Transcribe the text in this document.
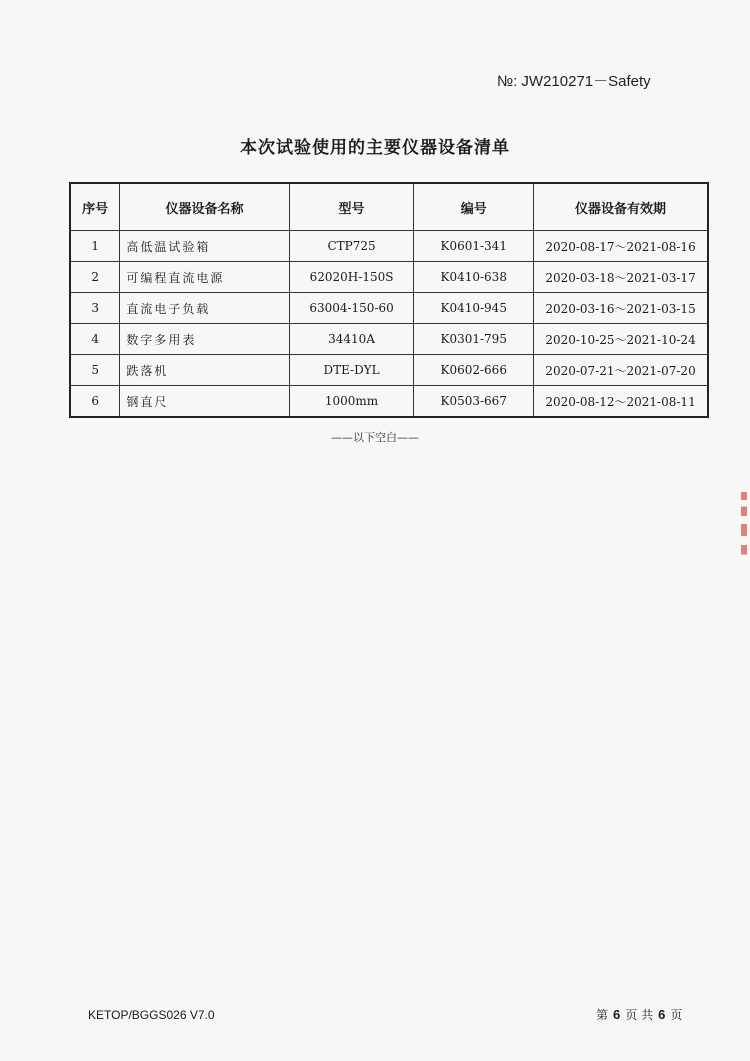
№: JW210271－Safety
本次试验使用的主要仪器设备清单
序号	仪器设备名称	型号	编号	仪器设备有效期
1	高低温试验箱	CTP725	K0601-341	2020-08-17～2021-08-16
2	可编程直流电源	62020H-150S	K0410-638	2020-03-18～2021-03-17
3	直流电子负载	63004-150-60	K0410-945	2020-03-16～2021-03-15
4	数字多用表	34410A	K0301-795	2020-10-25～2021-10-24
5	跌落机	DTE-DYL	K0602-666	2020-07-21～2021-07-20
6	钢直尺	1000mm	K0503-667	2020-08-12～2021-08-11
——以下空白——
KETOP/BGGS026 V7.0	第 6 页 共 6 页
